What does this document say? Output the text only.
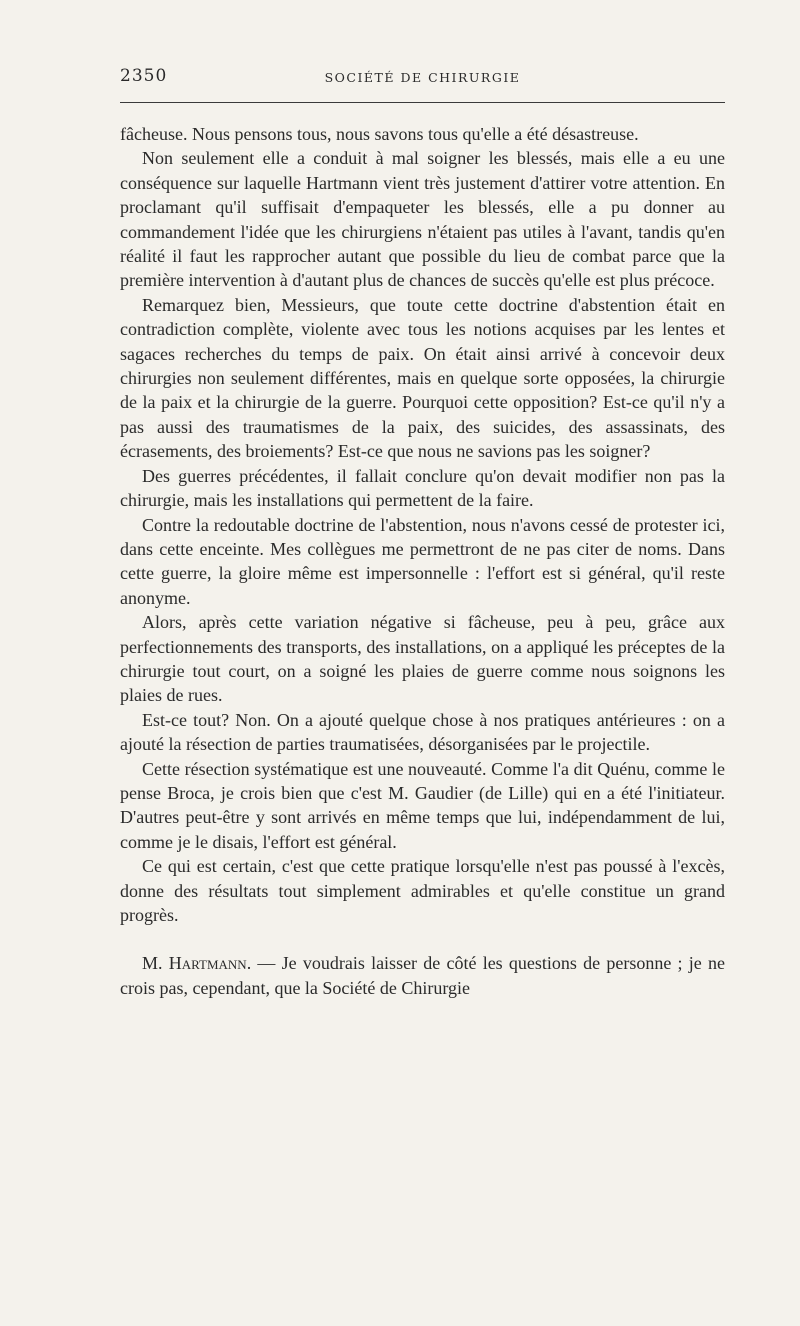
2350	SOCIÉTÉ DE CHIRURGIE

fâcheuse. Nous pensons tous, nous savons tous qu'elle a été désastreuse.

Non seulement elle a conduit à mal soigner les blessés, mais elle a eu une conséquence sur laquelle Hartmann vient très justement d'attirer votre attention. En proclamant qu'il suffisait d'empaqueter les blessés, elle a pu donner au commandement l'idée que les chirurgiens n'étaient pas utiles à l'avant, tandis qu'en réalité il faut les rapprocher autant que possible du lieu de combat parce que la première intervention à d'autant plus de chances de succès qu'elle est plus précoce.

Remarquez bien, Messieurs, que toute cette doctrine d'abstention était en contradiction complète, violente avec tous les notions acquises par les lentes et sagaces recherches du temps de paix. On était ainsi arrivé à concevoir deux chirurgies non seulement différentes, mais en quelque sorte opposées, la chirurgie de la paix et la chirurgie de la guerre. Pourquoi cette opposition? Est-ce qu'il n'y a pas aussi des traumatismes de la paix, des suicides, des assassinats, des écrasements, des broiements? Est-ce que nous ne savions pas les soigner?

Des guerres précédentes, il fallait conclure qu'on devait modifier non pas la chirurgie, mais les installations qui permettent de la faire.

Contre la redoutable doctrine de l'abstention, nous n'avons cessé de protester ici, dans cette enceinte. Mes collègues me permettront de ne pas citer de noms. Dans cette guerre, la gloire même est impersonnelle : l'effort est si général, qu'il reste anonyme.

Alors, après cette variation négative si fâcheuse, peu à peu, grâce aux perfectionnements des transports, des installations, on a appliqué les préceptes de la chirurgie tout court, on a soigné les plaies de guerre comme nous soignons les plaies de rues.

Est-ce tout? Non. On a ajouté quelque chose à nos pratiques antérieures : on a ajouté la résection de parties traumatisées, désorganisées par le projectile.

Cette résection systématique est une nouveauté. Comme l'a dit Quénu, comme le pense Broca, je crois bien que c'est M. Gaudier (de Lille) qui en a été l'initiateur. D'autres peut-être y sont arrivés en même temps que lui, indépendamment de lui, comme je le disais, l'effort est général.

Ce qui est certain, c'est que cette pratique lorsqu'elle n'est pas poussé à l'excès, donne des résultats tout simplement admirables et qu'elle constitue un grand progrès.

M. Hartmann. — Je voudrais laisser de côté les questions de personne ; je ne crois pas, cependant, que la Société de Chirurgie
